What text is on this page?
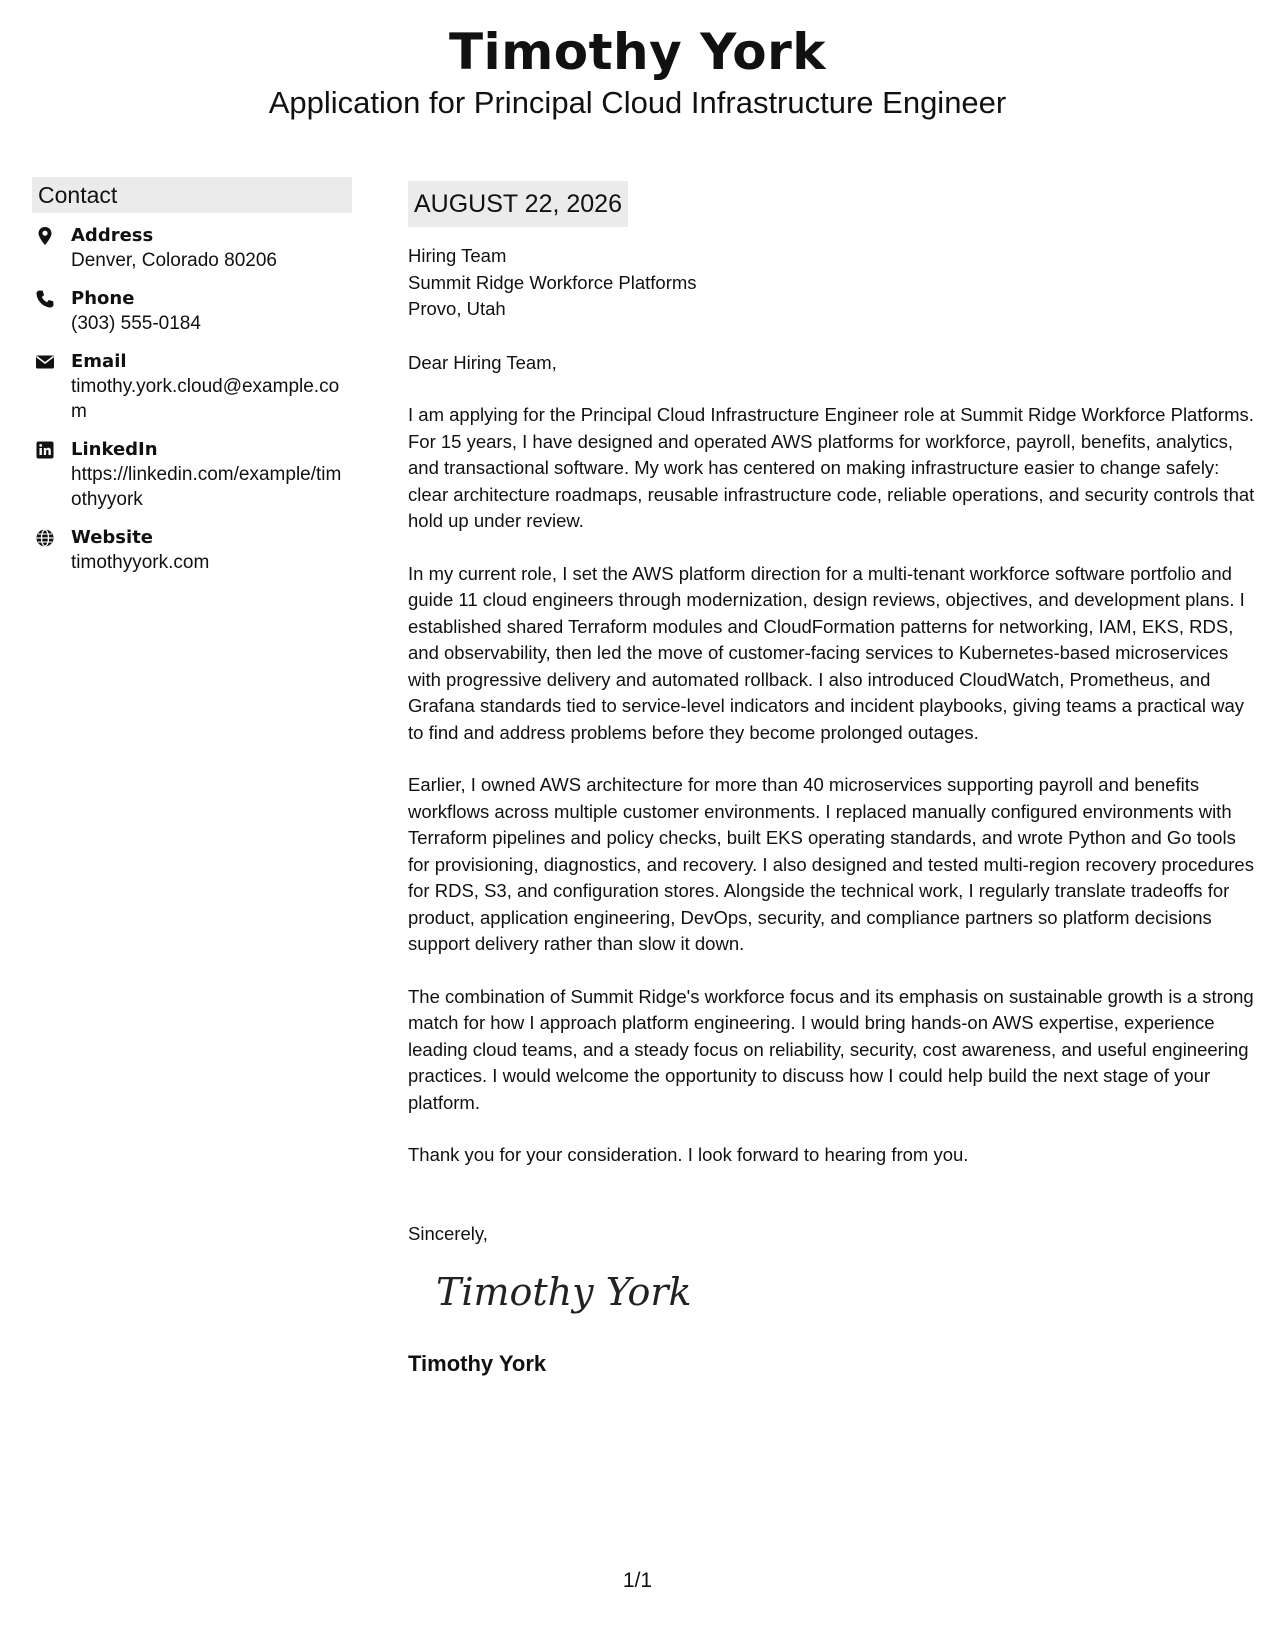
Timothy York
Application for Principal Cloud Infrastructure Engineer
Contact
Address
Denver, Colorado 80206
Phone
(303) 555-0184
Email
timothy.york.cloud@example.com
LinkedIn
https://linkedin.com/example/timothyyork
Website
timothyyork.com
AUGUST 22, 2026
Hiring Team
Summit Ridge Workforce Platforms
Provo, Utah
Dear Hiring Team,
I am applying for the Principal Cloud Infrastructure Engineer role at Summit Ridge Workforce Platforms. For 15 years, I have designed and operated AWS platforms for workforce, payroll, benefits, analytics, and transactional software. My work has centered on making infrastructure easier to change safely: clear architecture roadmaps, reusable infrastructure code, reliable operations, and security controls that hold up under review.
In my current role, I set the AWS platform direction for a multi-tenant workforce software portfolio and guide 11 cloud engineers through modernization, design reviews, objectives, and development plans. I established shared Terraform modules and CloudFormation patterns for networking, IAM, EKS, RDS, and observability, then led the move of customer-facing services to Kubernetes-based microservices with progressive delivery and automated rollback. I also introduced CloudWatch, Prometheus, and Grafana standards tied to service-level indicators and incident playbooks, giving teams a practical way to find and address problems before they become prolonged outages.
Earlier, I owned AWS architecture for more than 40 microservices supporting payroll and benefits workflows across multiple customer environments. I replaced manually configured environments with Terraform pipelines and policy checks, built EKS operating standards, and wrote Python and Go tools for provisioning, diagnostics, and recovery. I also designed and tested multi-region recovery procedures for RDS, S3, and configuration stores. Alongside the technical work, I regularly translate tradeoffs for product, application engineering, DevOps, security, and compliance partners so platform decisions support delivery rather than slow it down.
The combination of Summit Ridge's workforce focus and its emphasis on sustainable growth is a strong match for how I approach platform engineering. I would bring hands-on AWS expertise, experience leading cloud teams, and a steady focus on reliability, security, cost awareness, and useful engineering practices. I would welcome the opportunity to discuss how I could help build the next stage of your platform.
Thank you for your consideration. I look forward to hearing from you.
Sincerely,
Timothy York
Timothy York
1/1
